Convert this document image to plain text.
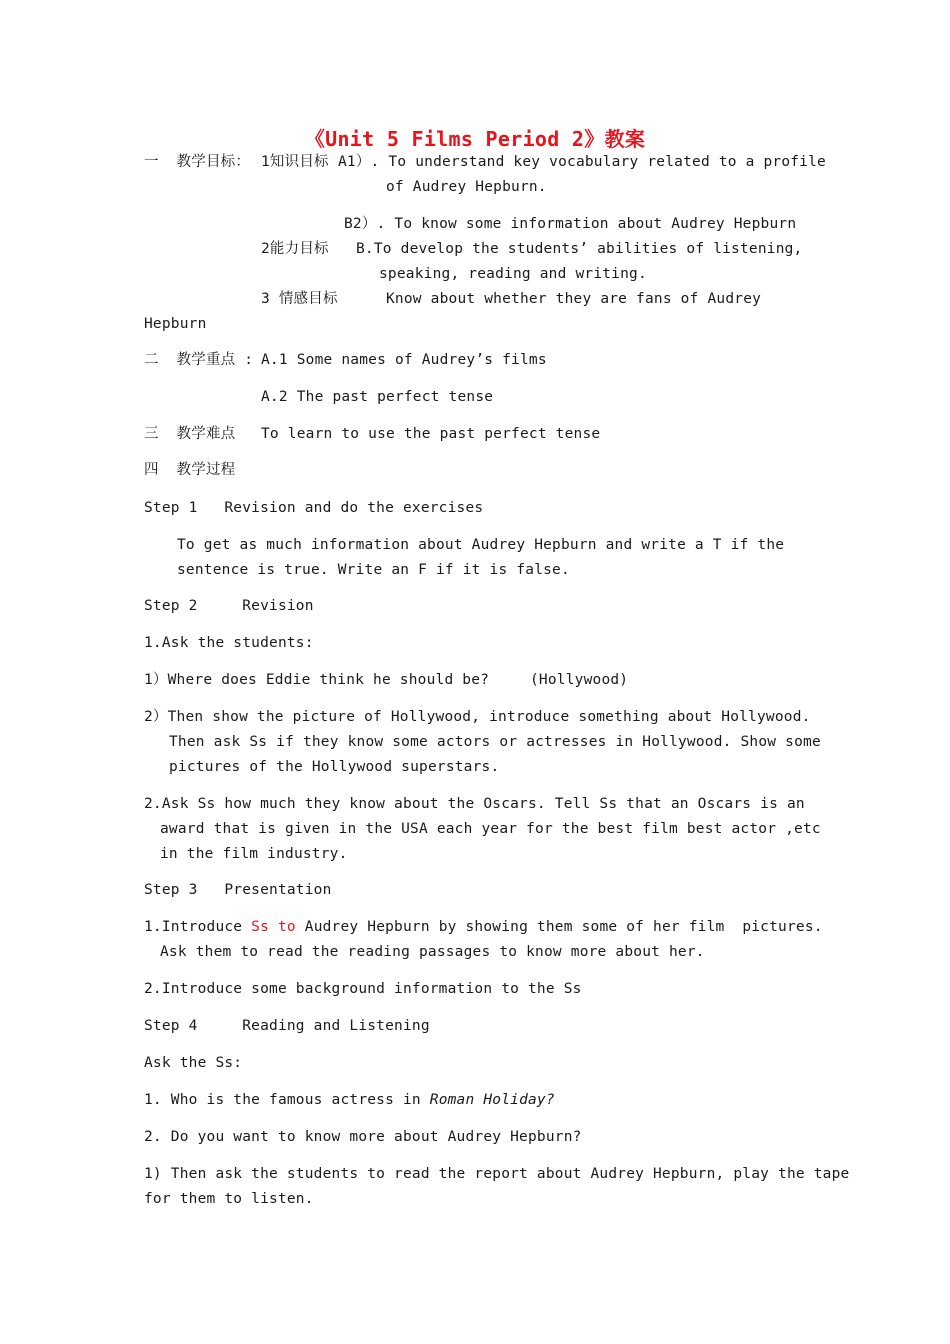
《Unit 5 Films Period 2》教案
一  教学目标： 1知识目标 A1）. To understand key vocabulary related to a profile
of Audrey Hepburn.
B2）. To know some information about Audrey Hepburn
2能力目标 B.To develop the students’ abilities of listening,
speaking, reading and writing.
3 情感目标	Know about whether they are fans of Audrey
Hepburn
二  教学重点 : A.1 Some names of Audrey’s films
A.2 The past perfect tense
三  教学难点 To learn to use the past perfect tense
四  教学过程
Step 1   Revision and do the exercises
To get as much information about Audrey Hepburn and write a T if the
sentence is true. Write an F if it is false.
Step 2     Revision
1.Ask the students:
1）Where does Eddie think he should be?	(Hollywood)
2）Then show the picture of Hollywood, introduce something about Hollywood.
Then ask Ss if they know some actors or actresses in Hollywood. Show some
pictures of the Hollywood superstars.
2.Ask Ss how much they know about the Oscars. Tell Ss that an Oscars is an
award that is given in the USA each year for the best film best actor ,etc
in the film industry.
Step 3   Presentation
1.Introduce Ss to Audrey Hepburn by showing them some of her film  pictures.
Ask them to read the reading passages to know more about her.
2.Introduce some background information to the Ss
Step 4     Reading and Listening
Ask the Ss:
1. Who is the famous actress in Roman Holiday?
2. Do you want to know more about Audrey Hepburn?
1) Then ask the students to read the report about Audrey Hepburn, play the tape
for them to listen.
